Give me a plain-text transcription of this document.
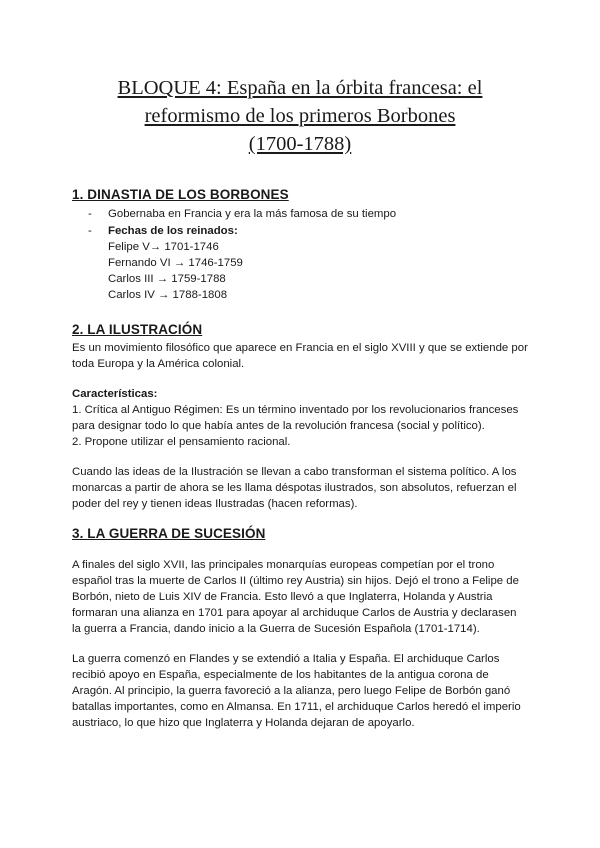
BLOQUE 4: España en la órbita francesa: el
reformismo de los primeros Borbones
(1700-1788)
1. DINASTIA DE LOS BORBONES
- Gobernaba en Francia y era la más famosa de su tiempo
- Fechas de los reinados:
Felipe V→ 1701-1746
Fernando VI → 1746-1759
Carlos III → 1759-1788
Carlos IV → 1788-1808
2. LA ILUSTRACIÓN

Es un movimiento filosófico que aparece en Francia en el siglo XVIII y que se extiende por toda Europa y la América colonial.

Características:

1. Crítica al Antiguo Régimen: Es un término inventado por los revolucionarios franceses para designar todo lo que había antes de la revolución francesa (social y político).

2. Propone utilizar el pensamiento racional.

Cuando las ideas de la Ilustración se llevan a cabo transforman el sistema político. A los monarcas a partir de ahora se les llama déspotas ilustrados, son absolutos, refuerzan el poder del rey y tienen ideas Ilustradas (hacen reformas).

3. LA GUERRA DE SUCESIÓN

A finales del siglo XVII, las principales monarquías europeas competían por el trono español tras la muerte de Carlos II (último rey Austria) sin hijos. Dejó el trono a Felipe de Borbón, nieto de Luis XIV de Francia. Esto llevó a que Inglaterra, Holanda y Austria formaran una alianza en 1701 para apoyar al archiduque Carlos de Austria y declarasen la guerra a Francia, dando inicio a la Guerra de Sucesión Española (1701-1714).

La guerra comenzó en Flandes y se extendió a Italia y España. El archiduque Carlos recibió apoyo en España, especialmente de los habitantes de la antigua corona de Aragón. Al principio, la guerra favoreció a la alianza, pero luego Felipe de Borbón ganó batallas importantes, como en Almansa. En 1711, el archiduque Carlos heredó el imperio austriaco, lo que hizo que Inglaterra y Holanda dejaran de apoyarlo.
